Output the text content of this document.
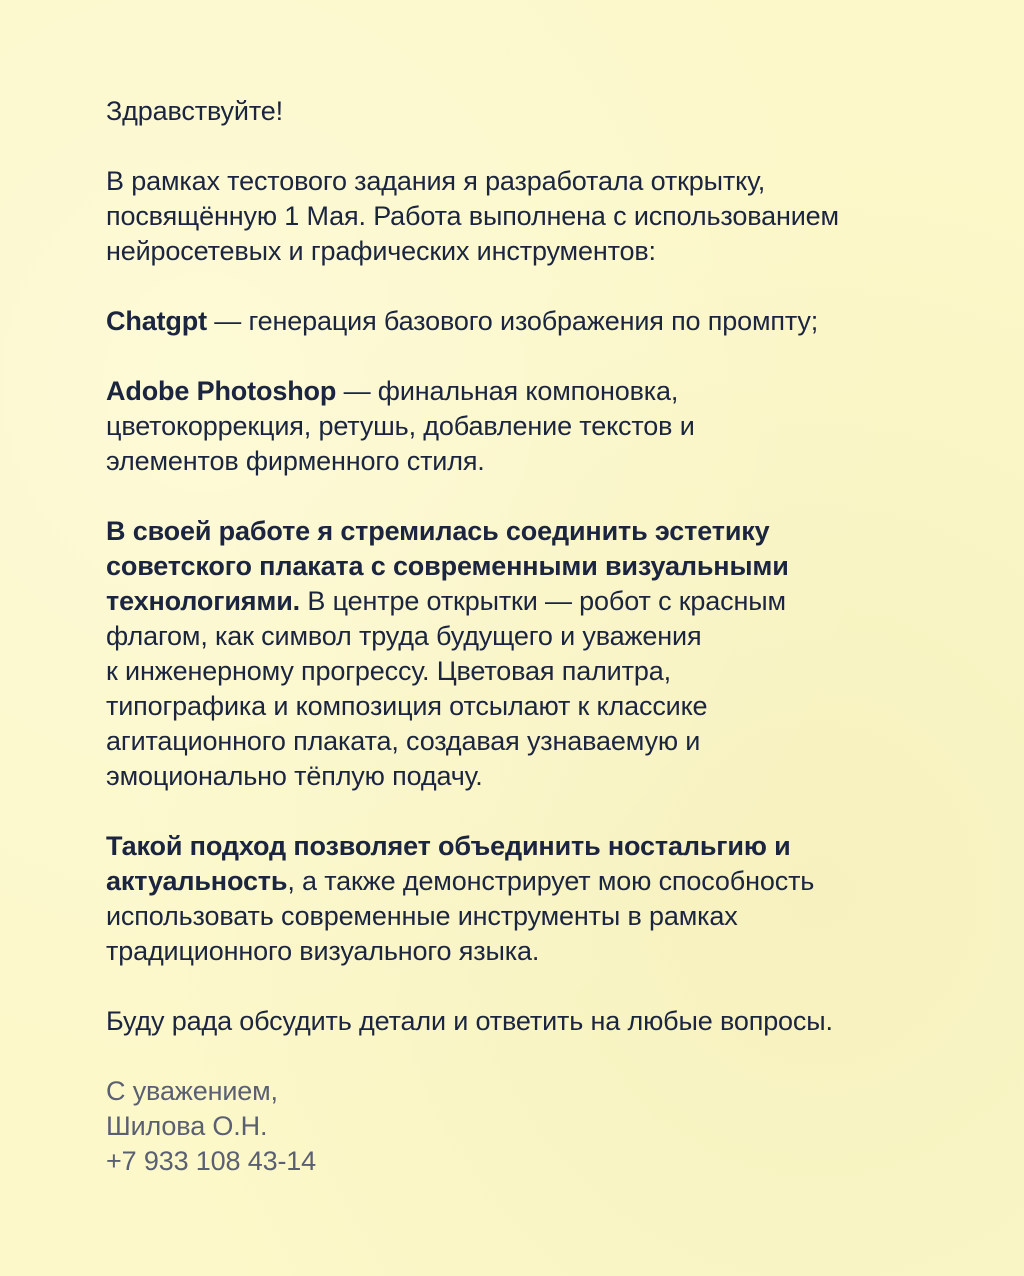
Здравствуйте!

В рамках тестового задания я разработала открытку,
посвящённую 1 Мая. Работа выполнена с использованием
нейросетевых и графических инструментов:

Chatgpt — генерация базового изображения по промпту;

Adobe Photoshop — финальная компоновка,
цветокоррекция, ретушь, добавление текстов и
элементов фирменного стиля.

В своей работе я стремилась соединить эстетику
советского плаката с современными визуальными
технологиями. В центре открытки — робот с красным
флагом, как символ труда будущего и уважения
к инженерному прогрессу. Цветовая палитра,
типографика и композиция отсылают к классике
агитационного плаката, создавая узнаваемую и
эмоционально тёплую подачу.

Такой подход позволяет объединить ностальгию и
актуальность, а также демонстрирует мою способность
использовать современные инструменты в рамках
традиционного визуального языка.

Буду рада обсудить детали и ответить на любые вопросы.

С уважением,
Шилова О.Н.
+7 933 108 43-14
